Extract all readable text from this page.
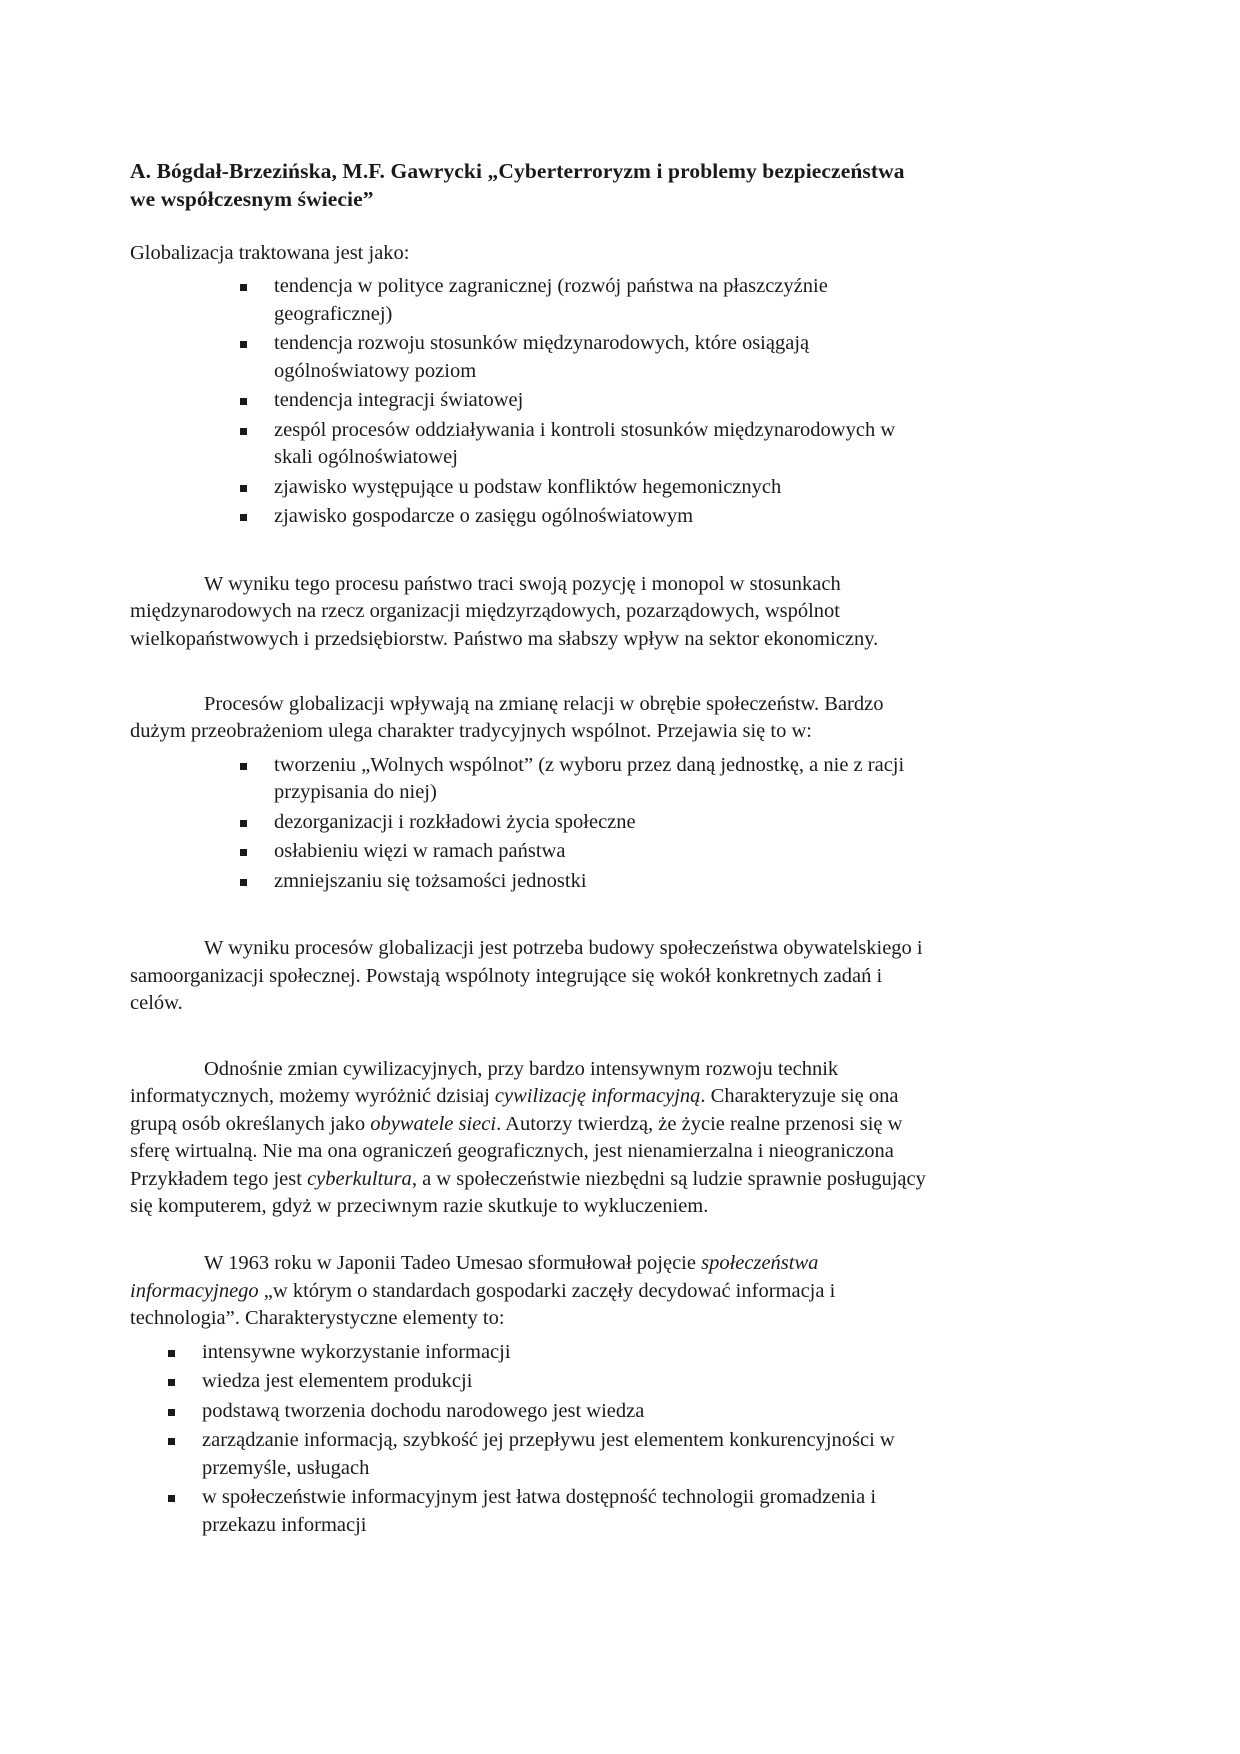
A. Bógdał-Brzezińska, M.F. Gawrycki „Cyberterroryzm i problemy bezpieczeństwa we współczesnym świecie”

Globalizacja traktowana jest jako:

tendencja w polityce zagranicznej (rozwój państwa na płaszczyźnie geograficznej)
tendencja rozwoju stosunków międzynarodowych, które osiągają ogólnoświatowy poziom
tendencja integracji światowej
zespól procesów oddziaływania i kontroli stosunków międzynarodowych w skali ogólnoświatowej
zjawisko występujące u podstaw konfliktów hegemonicznych
zjawisko gospodarcze o zasięgu ogólnoświatowym

W wyniku tego procesu państwo traci swoją pozycję i monopol w stosunkach międzynarodowych na rzecz organizacji międzyrządowych, pozarządowych, wspólnot wielkopaństwowych i przedsiębiorstw. Państwo ma słabszy wpływ na sektor ekonomiczny.

Procesów globalizacji wpływają na zmianę relacji w obrębie społeczeństw. Bardzo dużym przeobrażeniom ulega charakter tradycyjnych wspólnot. Przejawia się to w:

tworzeniu „Wolnych wspólnot” (z wyboru przez daną jednostkę, a nie z racji przypisania do niej)
dezorganizacji i rozkładowi życia społeczne
osłabieniu więzi w ramach państwa
zmniejszaniu się tożsamości jednostki

W wyniku procesów globalizacji jest potrzeba budowy społeczeństwa obywatelskiego i samoorganizacji społecznej. Powstają wspólnoty integrujące się wokół konkretnych zadań i celów.

Odnośnie zmian cywilizacyjnych, przy bardzo intensywnym rozwoju technik informatycznych, możemy wyróżnić dzisiaj cywilizację informacyjną. Charakteryzuje się ona grupą osób określanych jako obywatele sieci. Autorzy twierdzą, że życie realne przenosi się w sferę wirtualną. Nie ma ona ograniczeń geograficznych, jest nienamierzalna i nieograniczona Przykładem tego jest cyberkultura, a w społeczeństwie niezbędni są ludzie sprawnie posługujący się komputerem, gdyż w przeciwnym razie skutkuje to wykluczeniem.

W 1963 roku w Japonii Tadeo Umesao sformułował pojęcie społeczeństwa informacyjnego „w którym o standardach gospodarki zaczęły decydować informacja i technologia”. Charakterystyczne elementy to:

intensywne wykorzystanie informacji
wiedza jest elementem produkcji
podstawą tworzenia dochodu narodowego jest wiedza
zarządzanie informacją, szybkość jej przepływu jest elementem konkurencyjności w przemyśle, usługach
w społeczeństwie informacyjnym jest łatwa dostępność technologii gromadzenia i przekazu informacji
